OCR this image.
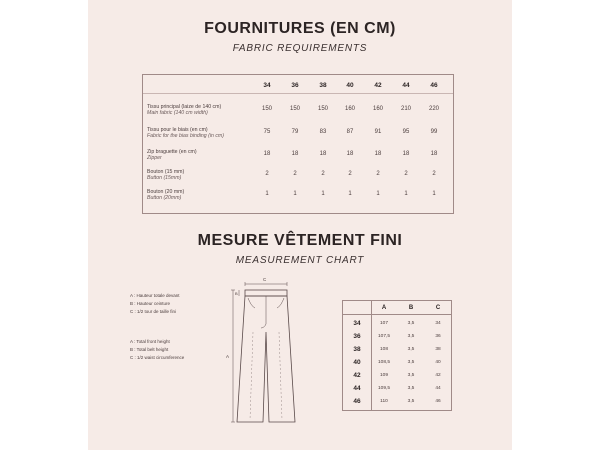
FOURNITURES (EN CM)
FABRIC REQUIREMENTS
34	36	38	40	42	44	46
Tissu principal (laize de 140 cm)
Main fabric (140 cm width)
150	150	150	160	160	210	220
Tissu pour le biais (en cm)
Fabric for the bias binding (in cm)
75	79	83	87	91	95	99
Zip braguette (en cm)
Zipper
18	18	18	18	18	18	18
Bouton (15 mm)
Button (15mm)
2	2	2	2	2	2	2
Bouton (20 mm)
Button (20mm)
1	1	1	1	1	1	1
MESURE VÊTEMENT FINI
MEASUREMENT CHART
A : Hauteur totale devant
B : Hauteur ceinture
C : 1/2 tour de taille fini
A : Total front height
B : Total belt height
C : 1/2 waist circumference
C
A
B
A	B	C
34	107	3,5	34
36	107,5	3,5	36
38	108	3,5	38
40	108,5	3,5	40
42	109	3,5	42
44	109,5	3,5	44
46	110	3,5	46
